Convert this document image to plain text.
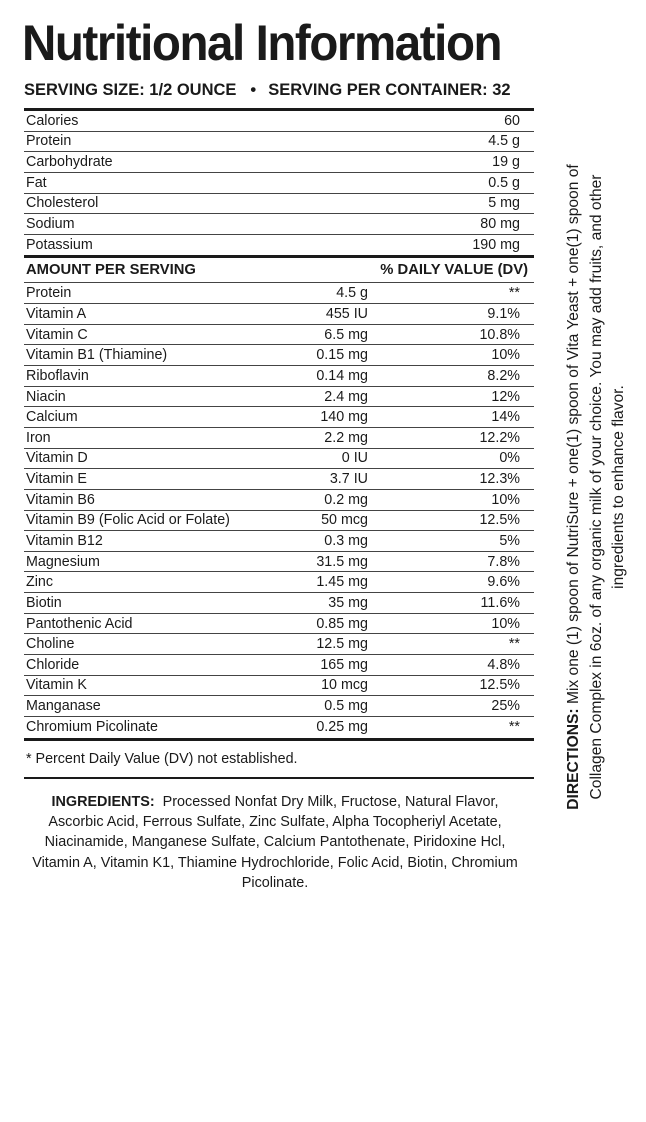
Nutritional Information
SERVING SIZE: 1/2 OUNCE • SERVING PER CONTAINER: 32
Calories	60
Protein	4.5 g
Carbohydrate	19 g
Fat	0.5 g
Cholesterol	5 mg
Sodium	80 mg
Potassium	190 mg
AMOUNT PER SERVING	% DAILY VALUE (DV)
Protein	4.5 g	**
Vitamin A	455 IU	9.1%
Vitamin C	6.5 mg	10.8%
Vitamin B1 (Thiamine)	0.15 mg	10%
Riboflavin	0.14 mg	8.2%
Niacin	2.4 mg	12%
Calcium	140 mg	14%
Iron	2.2 mg	12.2%
Vitamin D	0 IU	0%
Vitamin E	3.7 IU	12.3%
Vitamin B6	0.2 mg	10%
Vitamin B9 (Folic Acid or Folate)	50 mcg	12.5%
Vitamin B12	0.3 mg	5%
Magnesium	31.5 mg	7.8%
Zinc	1.45 mg	9.6%
Biotin	35 mg	11.6%
Pantothenic Acid	0.85 mg	10%
Choline	12.5 mg	**
Chloride	165 mg	4.8%
Vitamin K	10 mcg	12.5%
Manganase	0.5 mg	25%
Chromium Picolinate	0.25 mg	**
* Percent Daily Value (DV) not established.
INGREDIENTS: Processed Nonfat Dry Milk, Fructose, Natural Flavor, Ascorbic Acid, Ferrous Sulfate, Zinc Sulfate, Alpha Tocopheriyl Acetate, Niacinamide, Manganese Sulfate, Calcium Pantothenate, Piridoxine Hcl, Vitamin A, Vitamin K1, Thiamine Hydrochloride, Folic Acid, Biotin, Chromium Picolinate.
DIRECTIONS: Mix one (1) spoon of NutriSure + one(1) spoon of Vita Yeast + one(1) spoon of Collagen Complex in 6oz. of any organic milk of your choice. You may add fruits, and other ingredients to enhance flavor.
